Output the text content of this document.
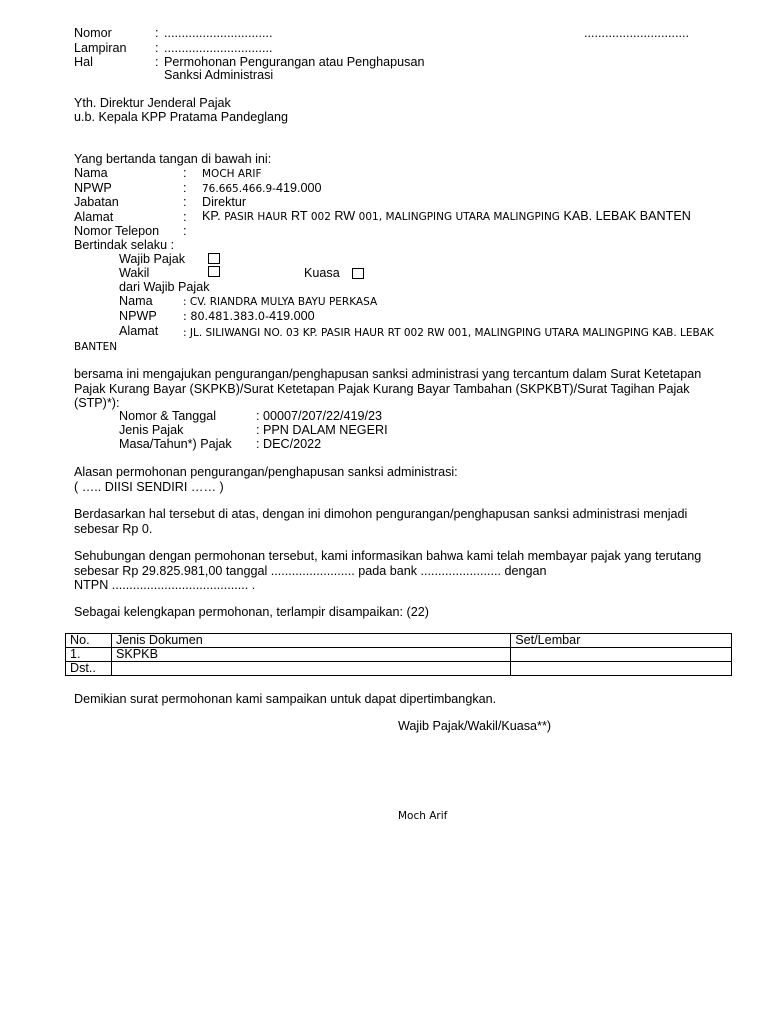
Nomor	: ...............................	..............................
Lampiran : ...............................
Hal	: Permohonan Pengurangan atau Penghapusan
Sanksi Administrasi
Yth. Direktur Jenderal Pajak
u.b. Kepala KPP Pratama Pandeglang
Yang bertanda tangan di bawah ini:
Nama	: MOCH ARIF
NPWP	: 76.665.466.9-419.000
Jabatan	: Direktur
Alamat	: KP. PASIR HAUR RT 002 RW 001, MALINGPING UTARA MALINGPING KAB. LEBAK BANTEN
Nomor Telepon :
Bertindak selaku :
Wajib Pajak
Wakil	Kuasa
dari Wajib Pajak
Nama	: CV. RIANDRA MULYA BAYU PERKASA
NPWP : 80.481.383.0-419.000
Alamat : JL. SILIWANGI NO. 03 KP. PASIR HAUR RT 002 RW 001, MALINGPING UTARA MALINGPING KAB. LEBAK
BANTEN
bersama ini mengajukan pengurangan/penghapusan sanksi administrasi yang tercantum dalam Surat Ketetapan Pajak Kurang Bayar (SKPKB)/Surat Ketetapan Pajak Kurang Bayar Tambahan (SKPKBT)/Surat Tagihan Pajak (STP)*):
Nomor & Tanggal	: 00007/207/22/419/23
Jenis Pajak	: PPN DALAM NEGERI
Masa/Tahun*) Pajak : DEC/2022
Alasan permohonan pengurangan/penghapusan sanksi administrasi:
( ….. DIISI SENDIRI …… )
Berdasarkan hal tersebut di atas, dengan ini dimohon pengurangan/penghapusan sanksi administrasi menjadi sebesar Rp 0.
Sehubungan dengan permohonan tersebut, kami informasikan bahwa kami telah membayar pajak yang terutang
sebesar Rp 29.825.981,00 tanggal ........................ pada bank ....................... dengan
NTPN ....................................... .
Sebagai kelengkapan permohonan, terlampir disampaikan: (22)
No.	Jenis Dokumen	Set/Lembar
1.	SKPKB	
Dst..		
Demikian surat permohonan kami sampaikan untuk dapat dipertimbangkan.
Wajib Pajak/Wakil/Kuasa**)
Moch Arif
